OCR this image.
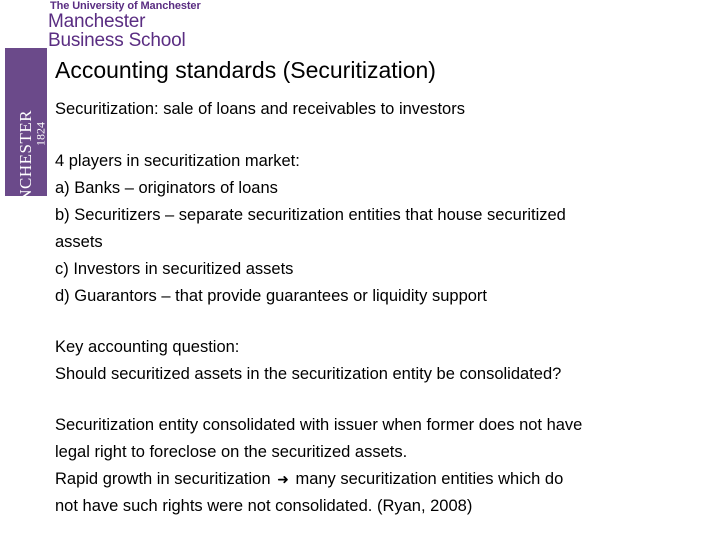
The University of Manchester
Manchester
Business School
MANCHESTER
1824
Accounting standards (Securitization)
Securitization: sale of loans and receivables to investors
4 players in securitization market:
a) Banks – originators of loans
b) Securitizers – separate securitization entities that house securitized
assets
c) Investors in securitized assets
d) Guarantors – that provide guarantees or liquidity support
Key accounting question:
Should securitized assets in the securitization entity be consolidated?
Securitization entity consolidated with issuer when former does not have
legal right to foreclose on the securitized assets.
Rapid growth in securitization ➜ many securitization entities which do
not have such rights were not consolidated. (Ryan, 2008)
